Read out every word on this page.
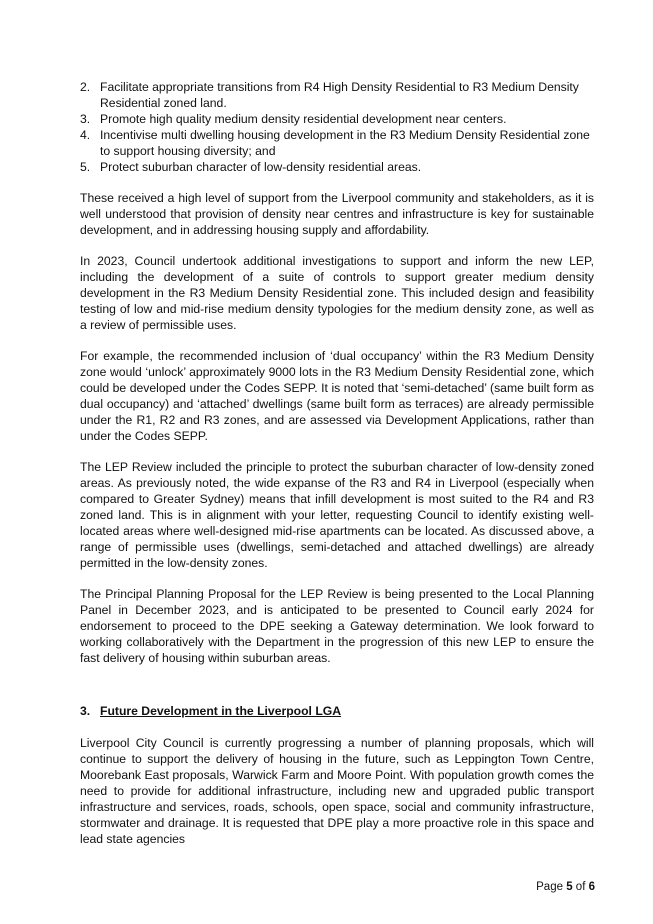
2. Facilitate appropriate transitions from R4 High Density Residential to R3 Medium Density Residential zoned land.
3. Promote high quality medium density residential development near centers.
4. Incentivise multi dwelling housing development in the R3 Medium Density Residential zone to support housing diversity; and
5. Protect suburban character of low-density residential areas.

These received a high level of support from the Liverpool community and stakeholders, as it is well understood that provision of density near centres and infrastructure is key for sustainable development, and in addressing housing supply and affordability.

In 2023, Council undertook additional investigations to support and inform the new LEP, including the development of a suite of controls to support greater medium density development in the R3 Medium Density Residential zone. This included design and feasibility testing of low and mid-rise medium density typologies for the medium density zone, as well as a review of permissible uses.

For example, the recommended inclusion of ‘dual occupancy’ within the R3 Medium Density zone would ‘unlock’ approximately 9000 lots in the R3 Medium Density Residential zone, which could be developed under the Codes SEPP. It is noted that ‘semi-detached’ (same built form as dual occupancy) and ‘attached’ dwellings (same built form as terraces) are already permissible under the R1, R2 and R3 zones, and are assessed via Development Applications, rather than under the Codes SEPP.

The LEP Review included the principle to protect the suburban character of low-density zoned areas. As previously noted, the wide expanse of the R3 and R4 in Liverpool (especially when compared to Greater Sydney) means that infill development is most suited to the R4 and R3 zoned land. This is in alignment with your letter, requesting Council to identify existing well-located areas where well-designed mid-rise apartments can be located. As discussed above, a range of permissible uses (dwellings, semi-detached and attached dwellings) are already permitted in the low-density zones.

The Principal Planning Proposal for the LEP Review is being presented to the Local Planning Panel in December 2023, and is anticipated to be presented to Council early 2024 for endorsement to proceed to the DPE seeking a Gateway determination. We look forward to working collaboratively with the Department in the progression of this new LEP to ensure the fast delivery of housing within suburban areas.

3. Future Development in the Liverpool LGA

Liverpool City Council is currently progressing a number of planning proposals, which will continue to support the delivery of housing in the future, such as Leppington Town Centre, Moorebank East proposals, Warwick Farm and Moore Point. With population growth comes the need to provide for additional infrastructure, including new and upgraded public transport infrastructure and services, roads, schools, open space, social and community infrastructure, stormwater and drainage. It is requested that DPE play a more proactive role in this space and lead state agencies

Page 5 of 6
